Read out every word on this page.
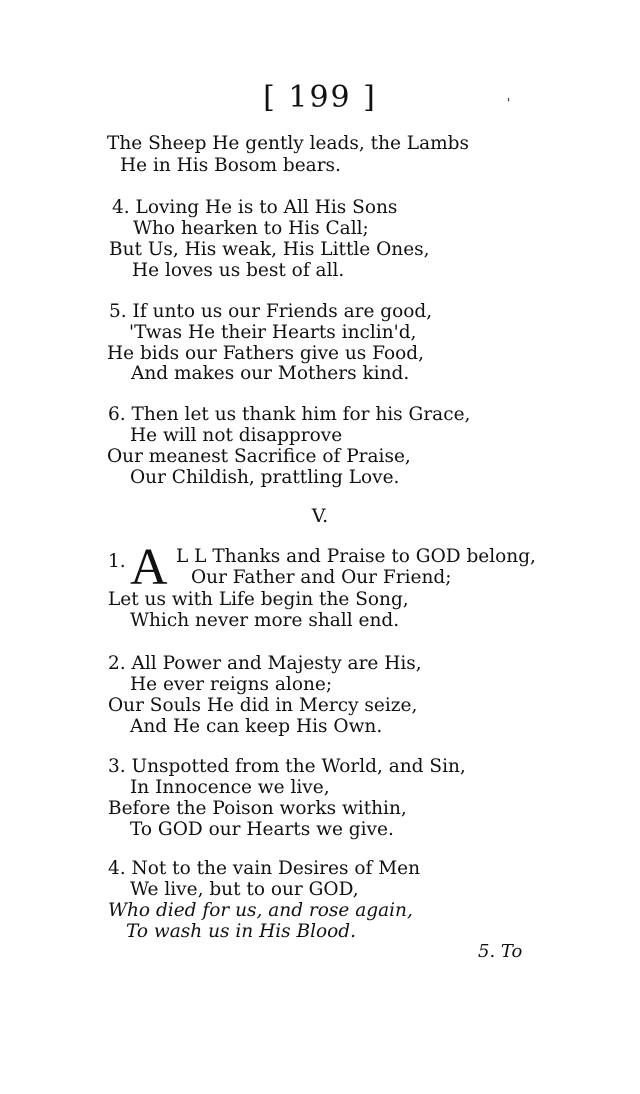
[ 199 ]	'
The Sheep He gently leads, the Lambs
He in His Bosom bears.
4. Loving He is to All His Sons
Who hearken to His Call;
But Us, His weak, His Little Ones,
He loves us best of all.
5. If unto us our Friends are good,
'Twas He their Hearts inclin'd,
He bids our Fathers give us Food,
And makes our Mothers kind.
6. Then let us thank him for his Grace,
He will not disapprove
Our meanest Sacrifice of Praise,
Our Childish, prattling Love.
V.
1. A L L Thanks and Praise to GOD belong,
Our Father and Our Friend;
Let us with Life begin the Song,
Which never more shall end.
2. All Power and Majesty are His,
He ever reigns alone;
Our Souls He did in Mercy seize,
And He can keep His Own.
3. Unspotted from the World, and Sin,
In Innocence we live,
Before the Poison works within,
To GOD our Hearts we give.
4. Not to the vain Desires of Men
We live, but to our GOD,
Who died for us, and rose again,
To wash us in His Blood.
5. To
